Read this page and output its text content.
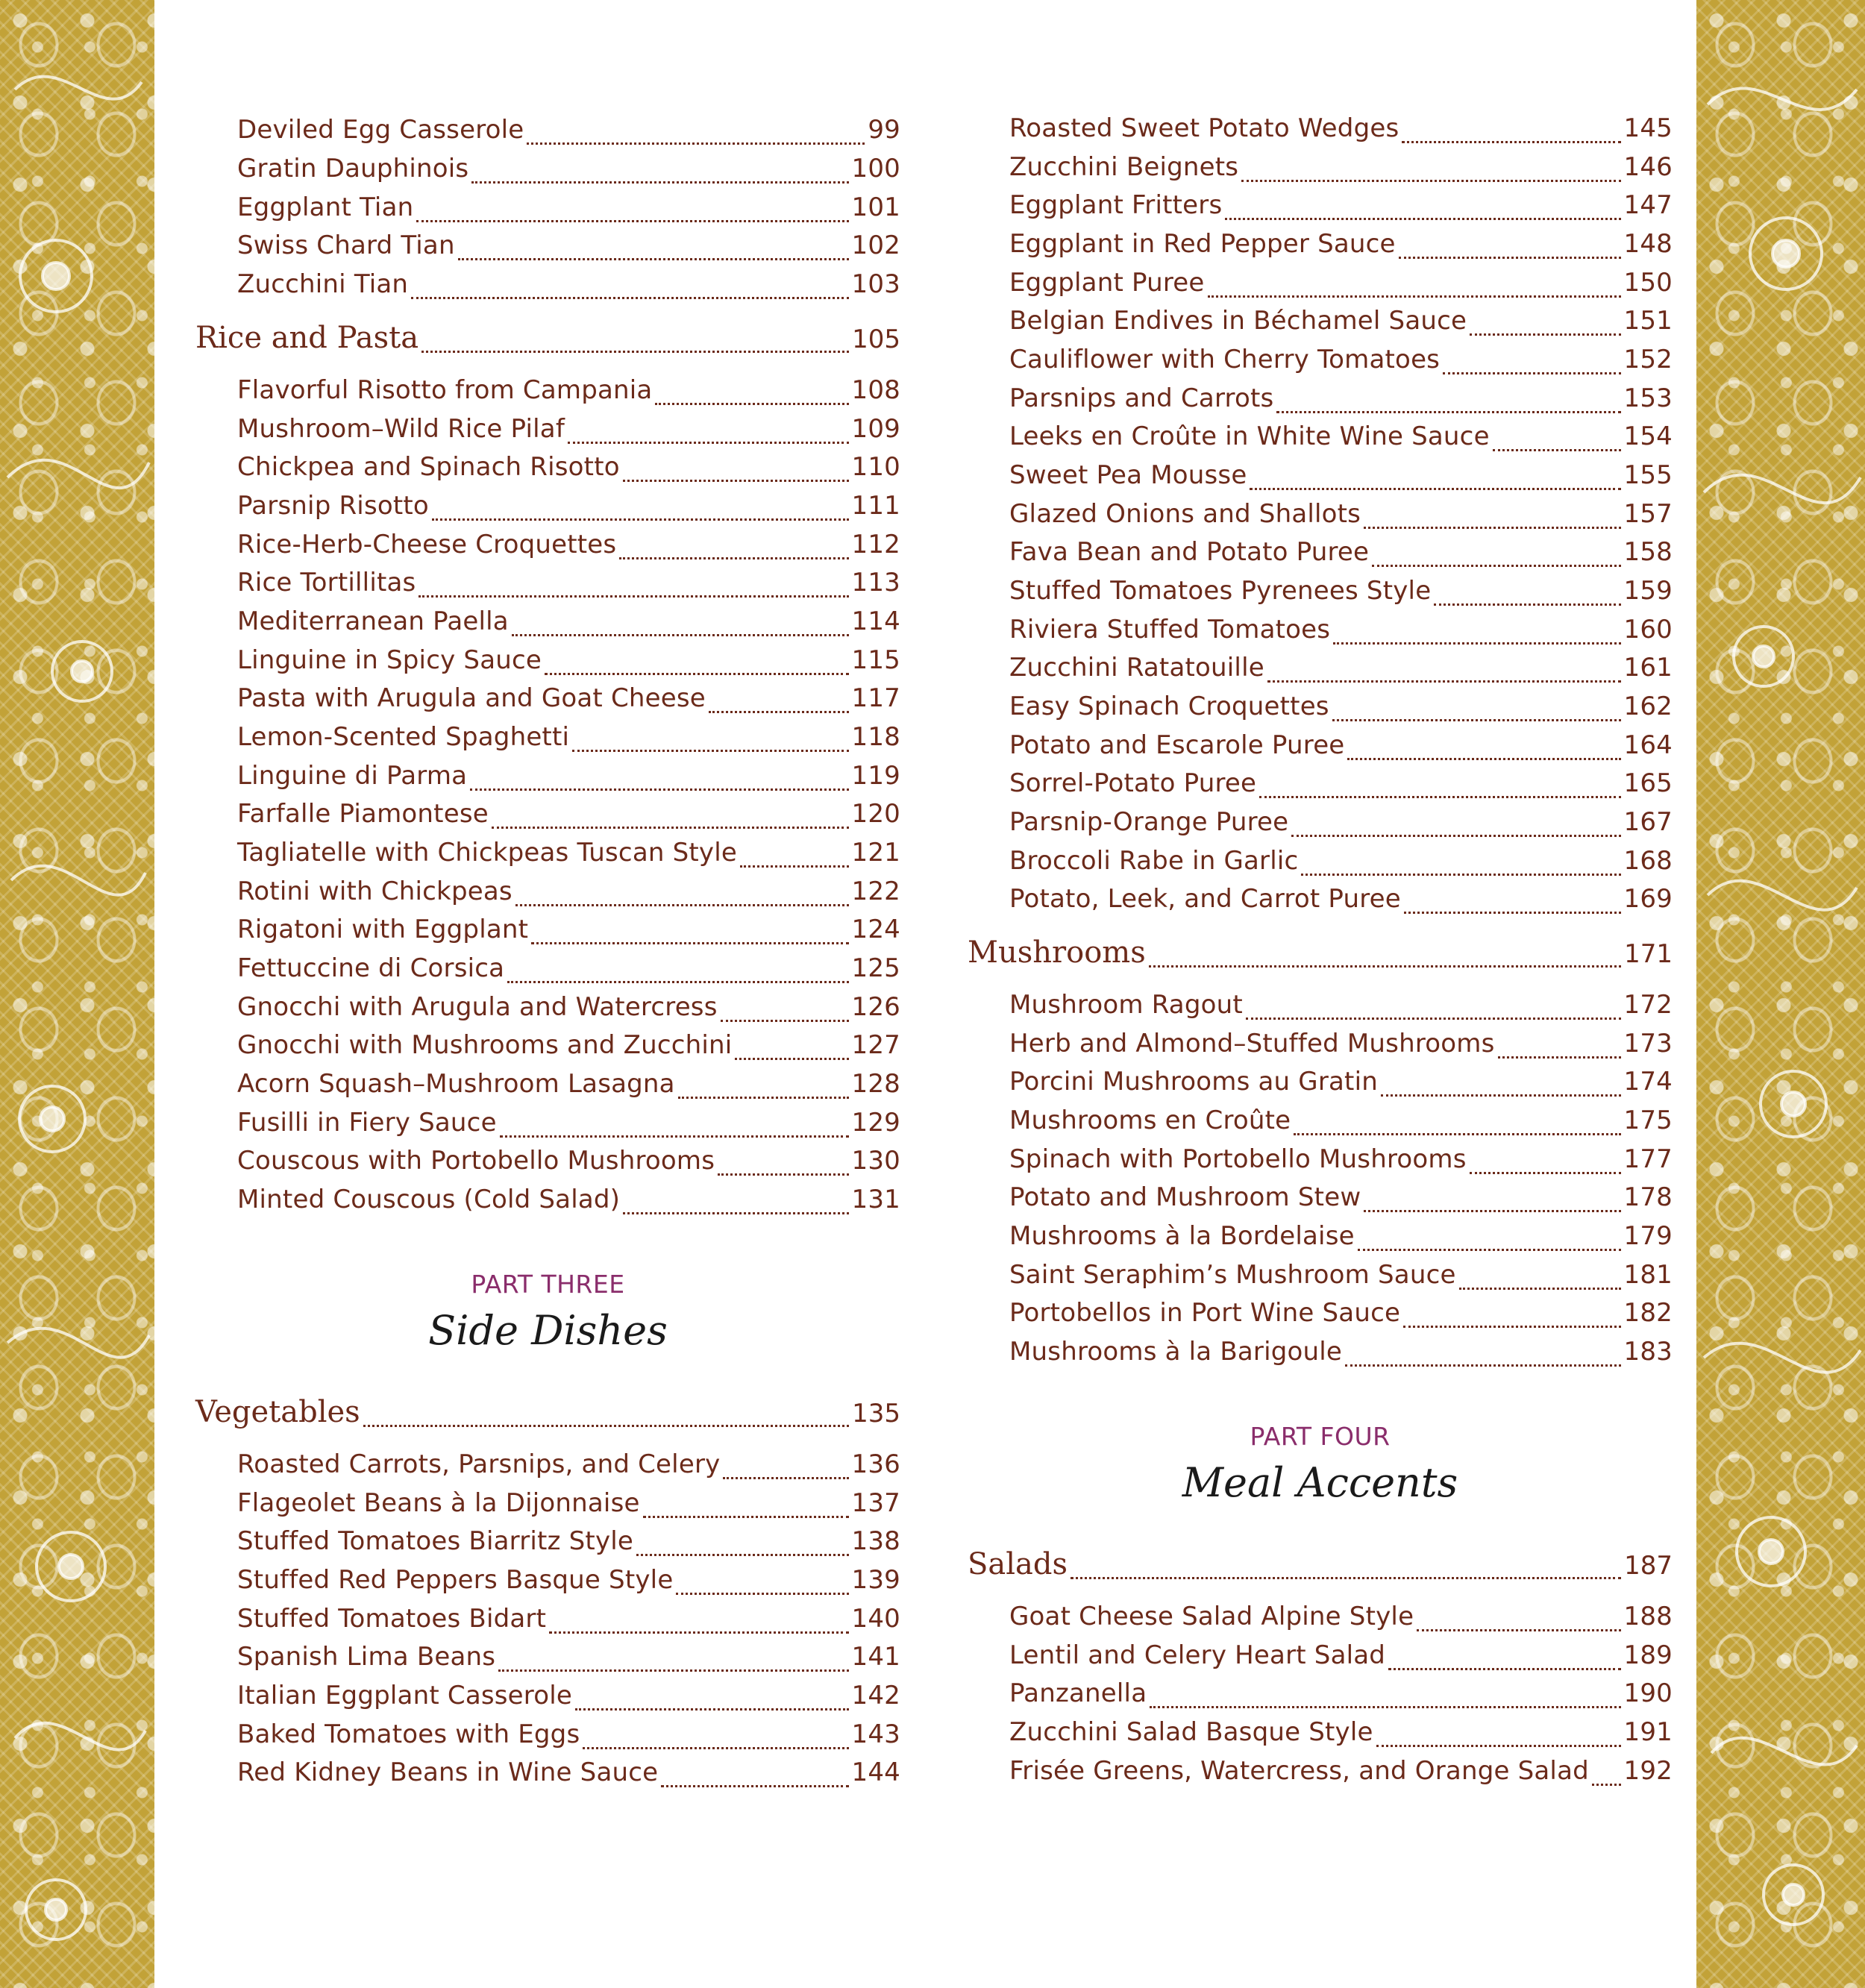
Deviled Egg Casserole	99
Gratin Dauphinois	100
Eggplant Tian	101
Swiss Chard Tian	102
Zucchini Tian	103
Rice and Pasta	105
Flavorful Risotto from Campania	108
Mushroom–Wild Rice Pilaf	109
Chickpea and Spinach Risotto	110
Parsnip Risotto	111
Rice-Herb-Cheese Croquettes	112
Rice Tortillitas	113
Mediterranean Paella	114
Linguine in Spicy Sauce	115
Pasta with Arugula and Goat Cheese	117
Lemon-Scented Spaghetti	118
Linguine di Parma	119
Farfalle Piamontese	120
Tagliatelle with Chickpeas Tuscan Style	121
Rotini with Chickpeas	122
Rigatoni with Eggplant	124
Fettuccine di Corsica	125
Gnocchi with Arugula and Watercress	126
Gnocchi with Mushrooms and Zucchini	127
Acorn Squash–Mushroom Lasagna	128
Fusilli in Fiery Sauce	129
Couscous with Portobello Mushrooms	130
Minted Couscous (Cold Salad)	131
PART THREE
Side Dishes
Vegetables	135
Roasted Carrots, Parsnips, and Celery	136
Flageolet Beans à la Dijonnaise	137
Stuffed Tomatoes Biarritz Style	138
Stuffed Red Peppers Basque Style	139
Stuffed Tomatoes Bidart	140
Spanish Lima Beans	141
Italian Eggplant Casserole	142
Baked Tomatoes with Eggs	143
Red Kidney Beans in Wine Sauce	144
Roasted Sweet Potato Wedges	145
Zucchini Beignets	146
Eggplant Fritters	147
Eggplant in Red Pepper Sauce	148
Eggplant Puree	150
Belgian Endives in Béchamel Sauce	151
Cauliflower with Cherry Tomatoes	152
Parsnips and Carrots	153
Leeks en Croûte in White Wine Sauce	154
Sweet Pea Mousse	155
Glazed Onions and Shallots	157
Fava Bean and Potato Puree	158
Stuffed Tomatoes Pyrenees Style	159
Riviera Stuffed Tomatoes	160
Zucchini Ratatouille	161
Easy Spinach Croquettes	162
Potato and Escarole Puree	164
Sorrel-Potato Puree	165
Parsnip-Orange Puree	167
Broccoli Rabe in Garlic	168
Potato, Leek, and Carrot Puree	169
Mushrooms	171
Mushroom Ragout	172
Herb and Almond–Stuffed Mushrooms	173
Porcini Mushrooms au Gratin	174
Mushrooms en Croûte	175
Spinach with Portobello Mushrooms	177
Potato and Mushroom Stew	178
Mushrooms à la Bordelaise	179
Saint Seraphim’s Mushroom Sauce	181
Portobellos in Port Wine Sauce	182
Mushrooms à la Barigoule	183
PART FOUR
Meal Accents
Salads	187
Goat Cheese Salad Alpine Style	188
Lentil and Celery Heart Salad	189
Panzanella	190
Zucchini Salad Basque Style	191
Frisée Greens, Watercress, and Orange Salad 192
